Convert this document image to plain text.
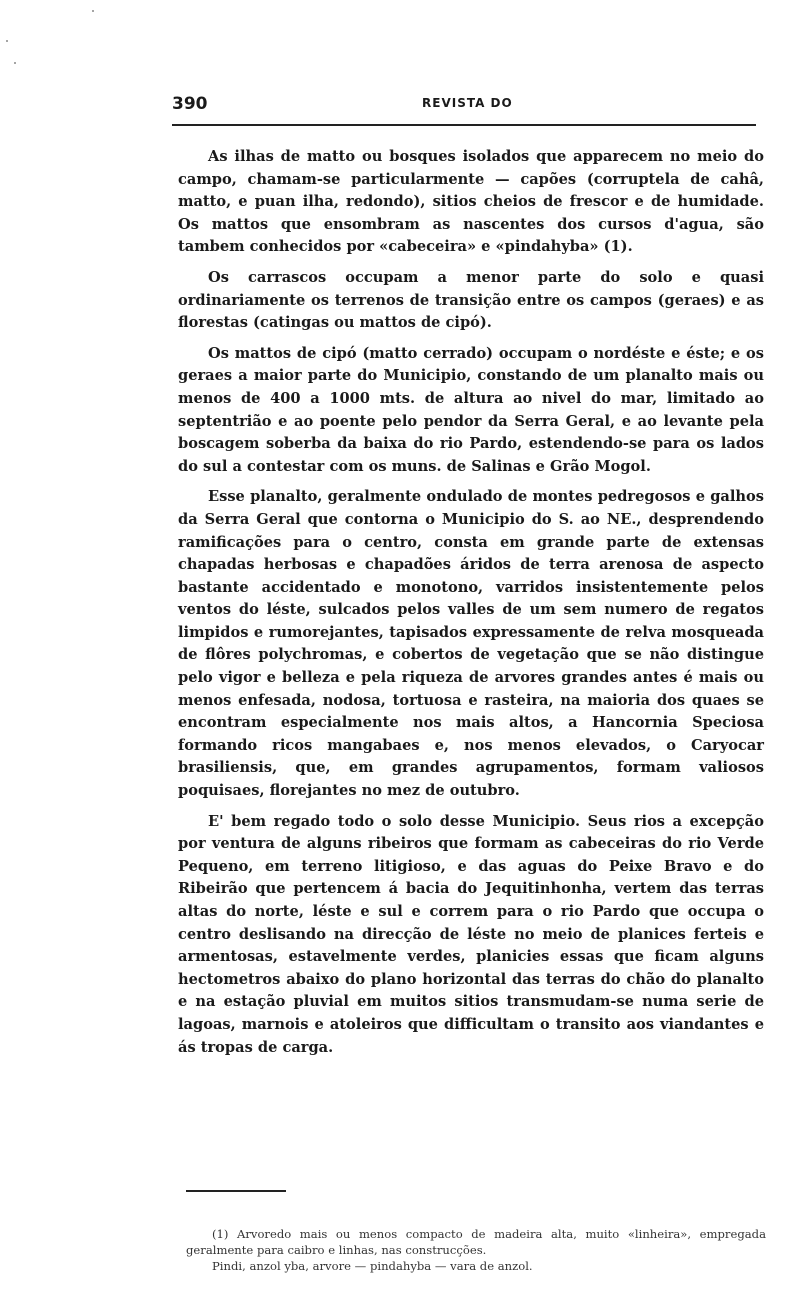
390	REVISTA DO

As ilhas de matto ou bosques isolados que apparecem no meio do campo, chamam-se particularmente — capões (corruptela de cahâ, matto, e puan ilha, redondo), sitios cheios de frescor e de humidade. Os mattos que ensombram as nascentes dos cursos d'agua, são tambem conhecidos por «cabeceira» e «pindahyba» (1).

Os carrascos occupam a menor parte do solo e quasi ordinariamente os terrenos de transição entre os campos (geraes) e as florestas (catingas ou mattos de cipó).

Os mattos de cipó (matto cerrado) occupam o nordéste e éste; e os geraes a maior parte do Municipio, constando de um planalto mais ou menos de 400 a 1000 mts. de altura ao nivel do mar, limitado ao septentrião e ao poente pelo pendor da Serra Geral, e ao levante pela boscagem soberba da baixa do rio Pardo, estendendo-se para os lados do sul a contestar com os muns. de Salinas e Grão Mogol.

Esse planalto, geralmente ondulado de montes pedregosos e galhos da Serra Geral que contorna o Municipio do S. ao NE., desprendendo ramificações para o centro, consta em grande parte de extensas chapadas herbosas e chapadões áridos de terra arenosa de aspecto bastante accidentado e monotono, varridos insistentemente pelos ventos do léste, sulcados pelos valles de um sem numero de regatos limpidos e rumorejantes, tapisados expressamente de relva mosqueada de flôres polychromas, e cobertos de vegetação que se não distingue pelo vigor e belleza e pela riqueza de arvores grandes antes é mais ou menos enfesada, nodosa, tortuosa e rasteira, na maioria dos quaes se encontram especialmente nos mais altos, a Hancornia Speciosa formando ricos mangabaes e, nos menos elevados, o Caryocar brasiliensis, que, em grandes agrupamentos, formam valiosos poquisaes, florejantes no mez de outubro.

E' bem regado todo o solo desse Municipio. Seus rios a excepção por ventura de alguns ribeiros que formam as cabeceiras do rio Verde Pequeno, em terreno litigioso, e das aguas do Peixe Bravo e do Ribeirão que pertencem á bacia do Jequitinhonha, vertem das terras altas do norte, léste e sul e correm para o rio Pardo que occupa o centro deslisando na direcção de léste no meio de planices ferteis e armentosas, estavelmente verdes, planicies essas que ficam alguns hectometros abaixo do plano horizontal das terras do chão do planalto e na estação pluvial em muitos sitios transmudam-se numa serie de lagoas, marnois e atoleiros que difficultam o transito aos viandantes e ás tropas de carga.

(1) Arvoredo mais ou menos compacto de madeira alta, muito «linheira», empregada geralmente para caibro e linhas, nas construcções.

Pindi, anzol yba, arvore — pindahyba — vara de anzol.
